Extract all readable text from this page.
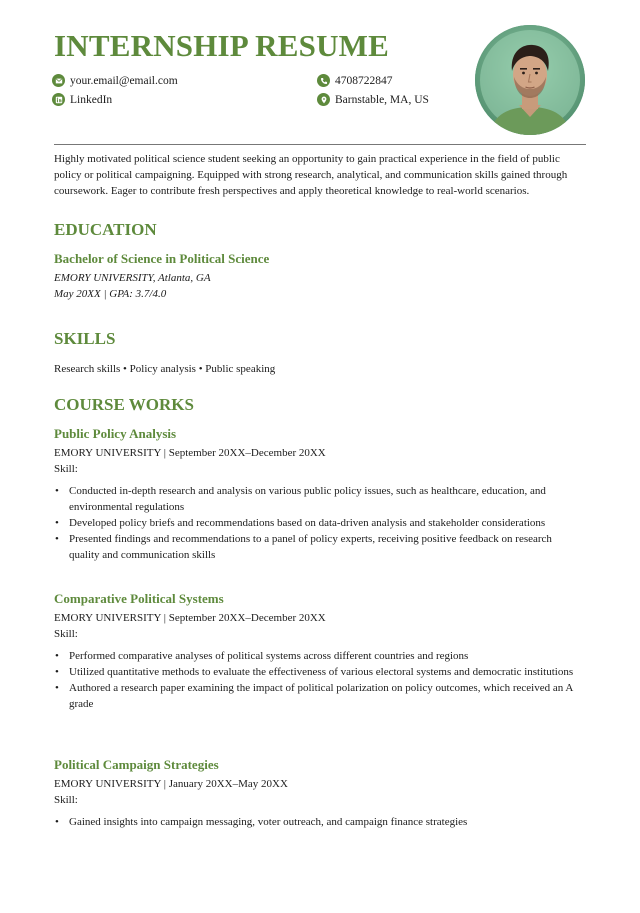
INTERNSHIP RESUME
your.email@email.com
LinkedIn
4708722847
Barnstable, MA, US

Highly motivated political science student seeking an opportunity to gain practical experience in the field of public policy or political campaigning. Equipped with strong research, analytical, and communication skills gained through coursework. Eager to contribute fresh perspectives and apply theoretical knowledge to real-world scenarios.

EDUCATION
Bachelor of Science in Political Science
EMORY UNIVERSITY, Atlanta, GA
May 20XX | GPA: 3.7/4.0
SKILLS
Research skills • Policy analysis • Public speaking
COURSE WORKS
Public Policy Analysis
EMORY UNIVERSITY | September 20XX–December 20XX
Skill:
• Conducted in-depth research and analysis on various public policy issues, such as healthcare, education, and environmental regulations
• Developed policy briefs and recommendations based on data-driven analysis and stakeholder considerations
• Presented findings and recommendations to a panel of policy experts, receiving positive feedback on research quality and communication skills
Comparative Political Systems
EMORY UNIVERSITY | September 20XX–December 20XX
Skill:
• Performed comparative analyses of political systems across different countries and regions
• Utilized quantitative methods to evaluate the effectiveness of various electoral systems and democratic institutions
• Authored a research paper examining the impact of political polarization on policy outcomes, which received an A grade
Political Campaign Strategies
EMORY UNIVERSITY | January 20XX–May 20XX
Skill:
• Gained insights into campaign messaging, voter outreach, and campaign finance strategies
